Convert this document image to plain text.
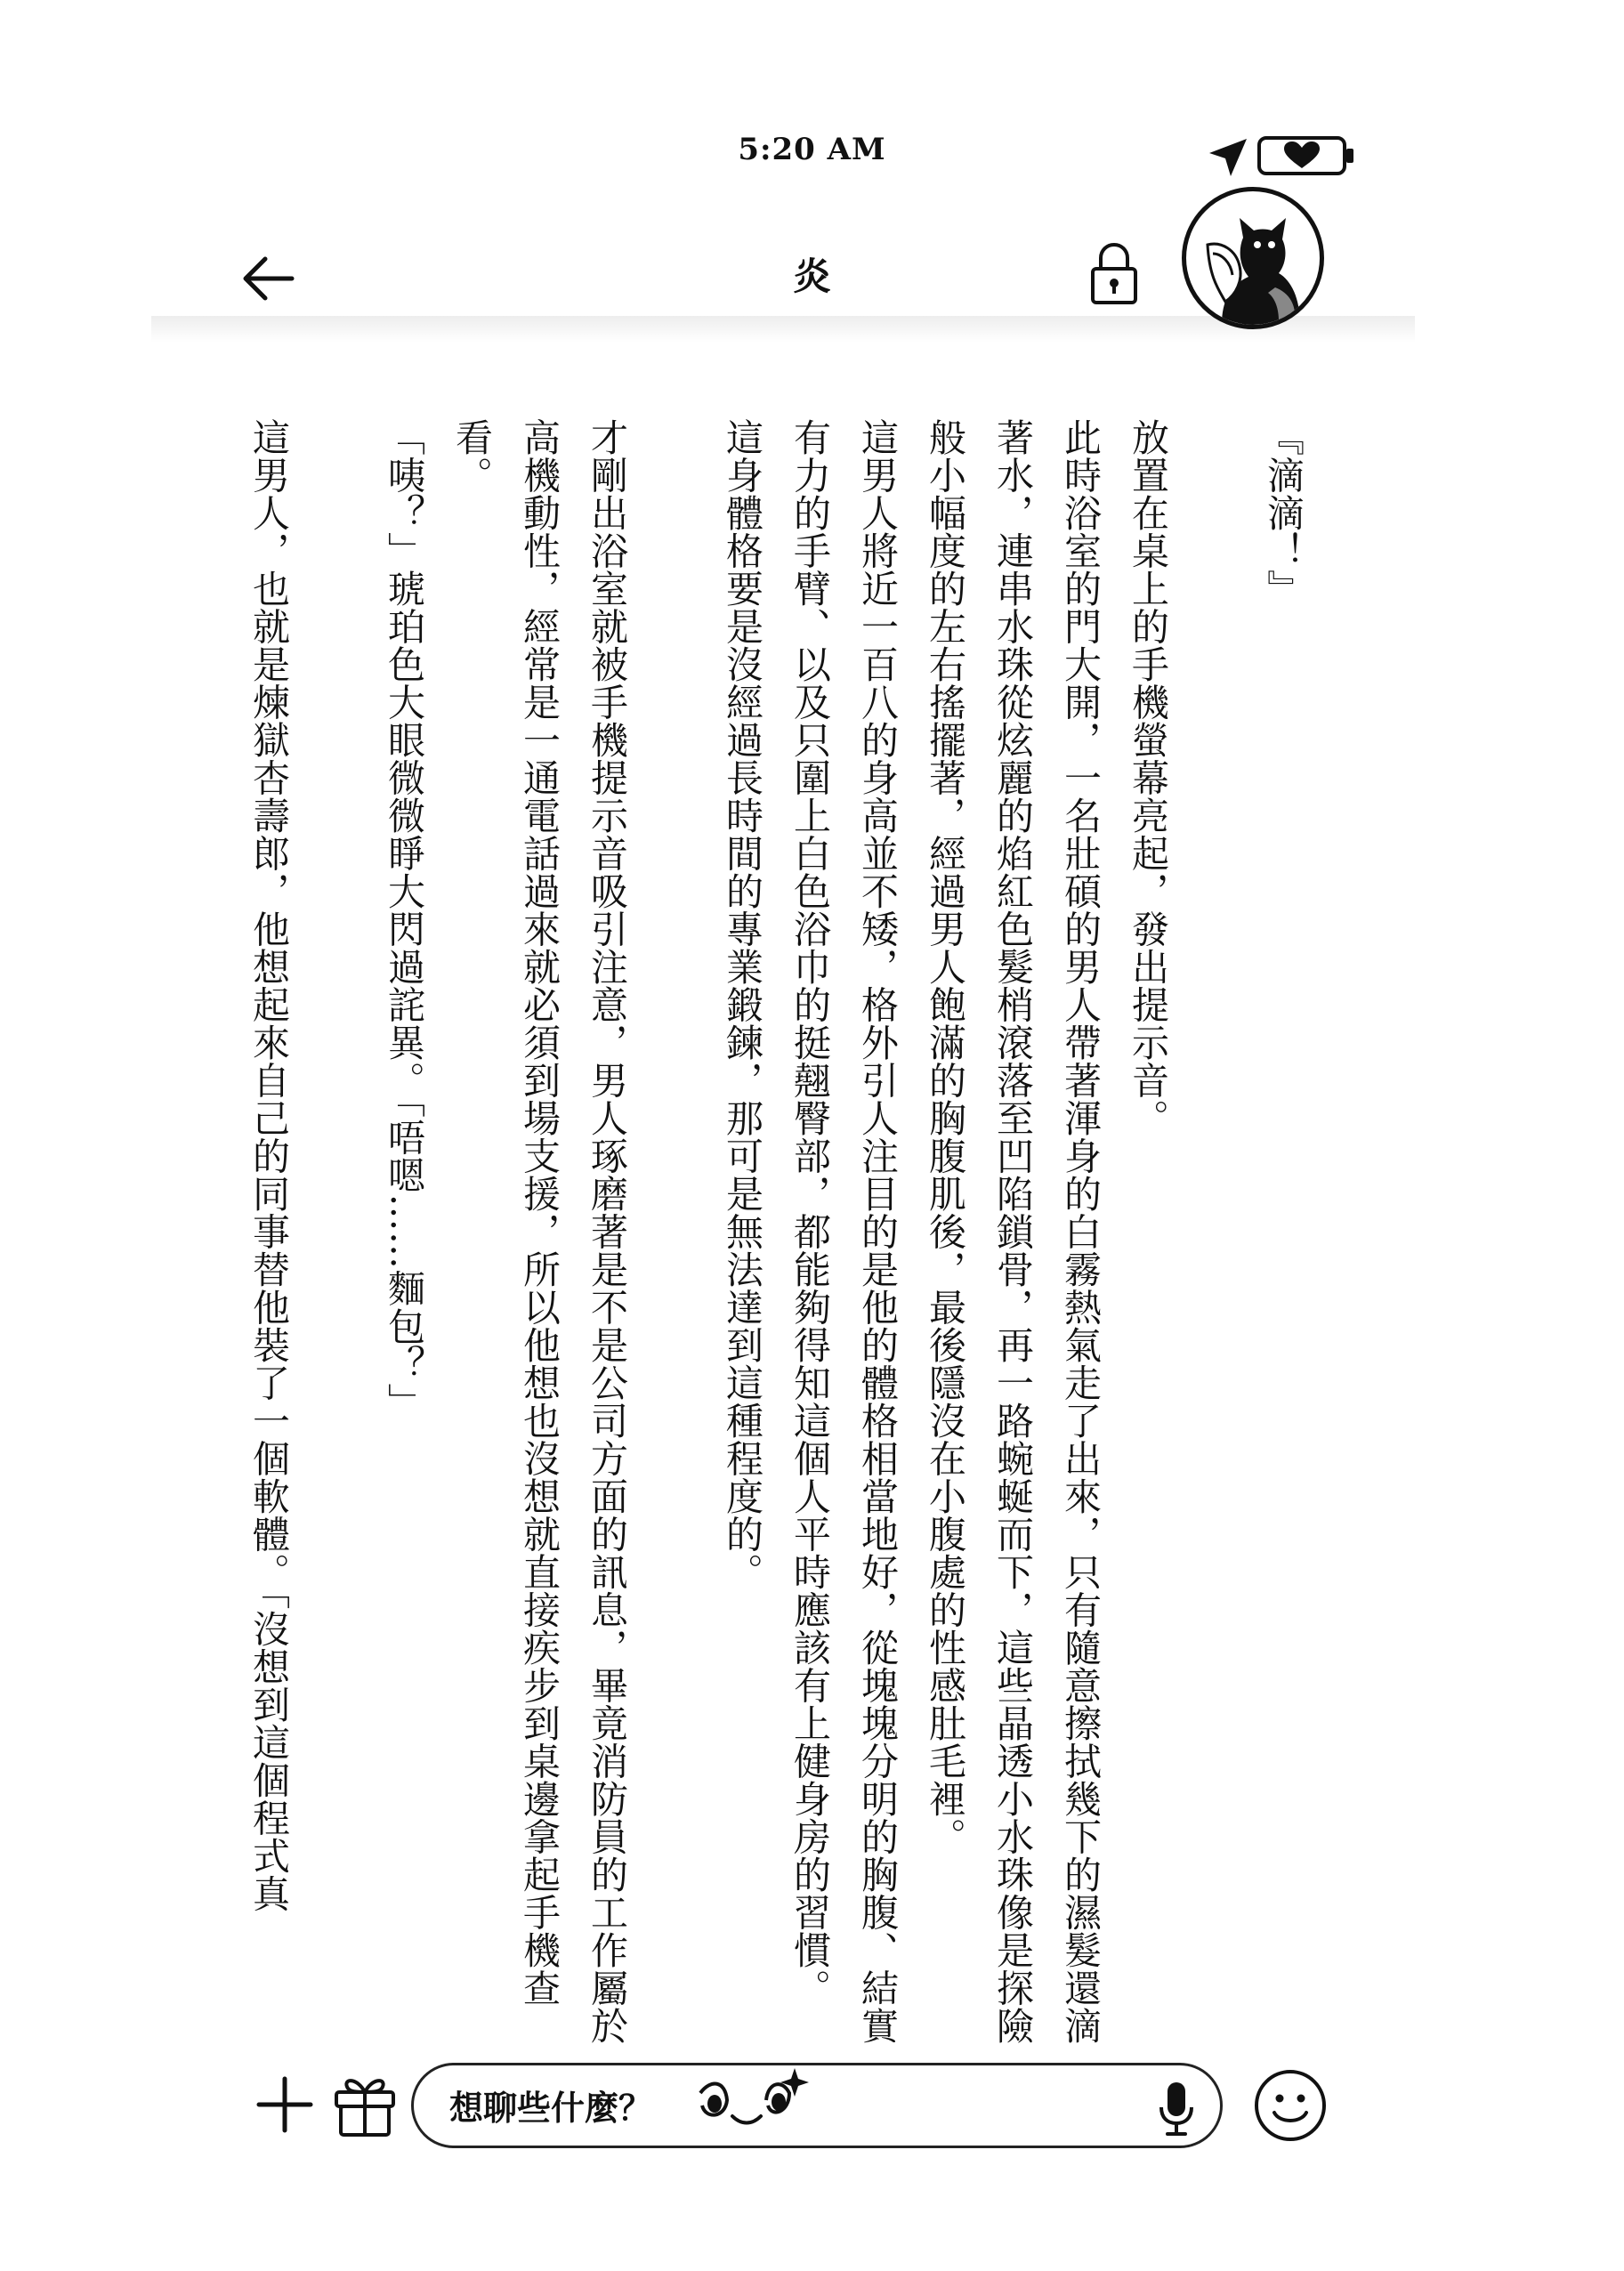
5:20 AM
炎

『滴滴！』

放置在桌上的手機螢幕亮起，發出提示音。

此時浴室的門大開，一名壯碩的男人帶著渾身的白霧熱氣走了出來，只有隨意擦拭幾下的濕髮還滴著水，連串水珠從炫麗的焰紅色髮梢滾落至凹陷鎖骨，再一路蜿蜒而下，這些晶透小水珠像是探險般小幅度的左右搖擺著，經過男人飽滿的胸腹肌後，最後隱沒在小腹處的性感肚毛裡。

這男人將近一百八的身高並不矮，格外引人注目的是他的體格相當地好，從塊塊分明的胸腹、結實有力的手臂、以及只圍上白色浴巾的挺翹臀部，都能夠得知這個人平時應該有上健身房的習慣。

這身體格要是沒經過長時間的專業鍛鍊，那可是無法達到這種程度的。

才剛出浴室就被手機提示音吸引注意，男人琢磨著是不是公司方面的訊息，畢竟消防員的工作屬於高機動性，經常是一通電話過來就必須到場支援，所以他想也沒想就直接疾步到桌邊拿起手機查看。

「咦？」琥珀色大眼微微睜大閃過詫異。「唔嗯……麵包？」

這男人，也就是煉獄杏壽郎，他想起來自己的同事替他裝了一個軟體。「沒想到這個程式真

想聊些什麼？
